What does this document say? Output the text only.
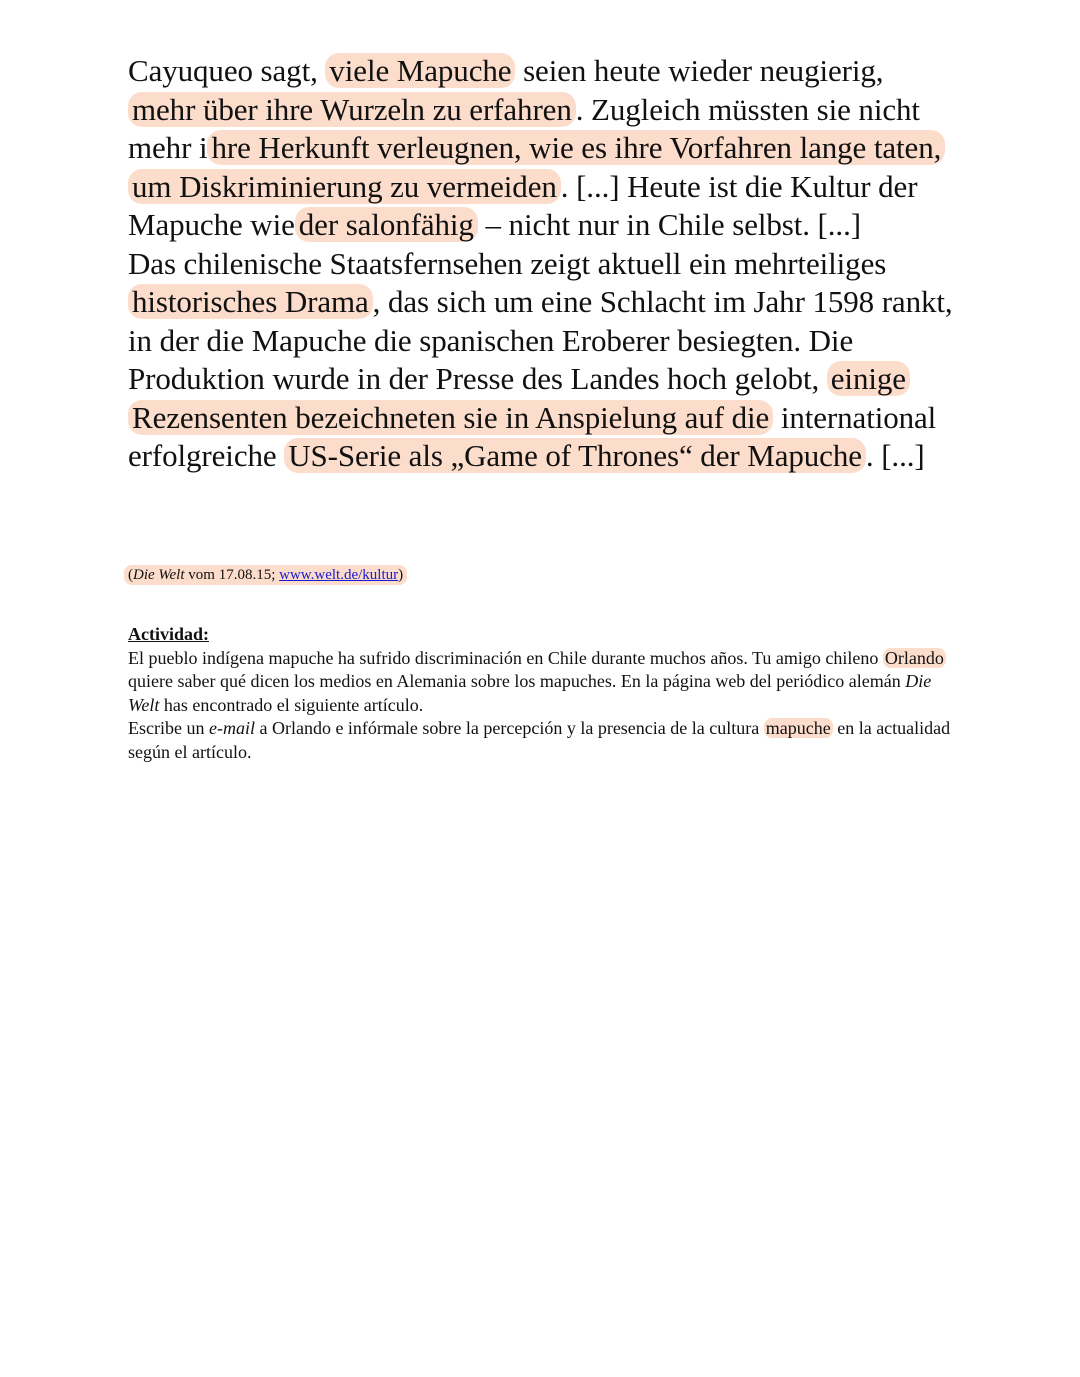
Cayuqueo sagt, viele Mapuche seien heute wieder neugierig, mehr über ihre Wurzeln zu erfahren . Zugleich müssten sie nicht mehr i hre Herkunft verleugnen, wie es ihre Vorfahren lange taten, um Diskriminierung zu vermeiden . [...] Heute ist die Kultur der Mapuche wie der salonfähig – nicht nur in Chile selbst. [...]

Das chilenische Staatsfernsehen zeigt aktuell ein mehrteiliges historisches Drama , das sich um eine Schlacht im Jahr 1598 rankt, in der die Mapuche die spanischen Eroberer besiegten. Die Produktion wurde in der Presse des Landes hoch gelobt, einige Rezensenten bezeichneten sie in Anspielung auf die international erfolgreiche US-Serie als „Game of Thrones“ der Mapuche . [...]

(Die Welt vom 17.08.15; www.welt.de/kultur)
Actividad:

El pueblo indígena mapuche ha sufrido discriminación en Chile durante muchos años. Tu amigo chileno Orlando quiere saber qué dicen los medios en Alemania sobre los mapuches. En la página web del periódico alemán Die Welt has encontrado el siguiente artículo.

Escribe un e-mail a Orlando e infórmale sobre la percepción y la presencia de la cultura mapuche en la actualidad según el artículo.
